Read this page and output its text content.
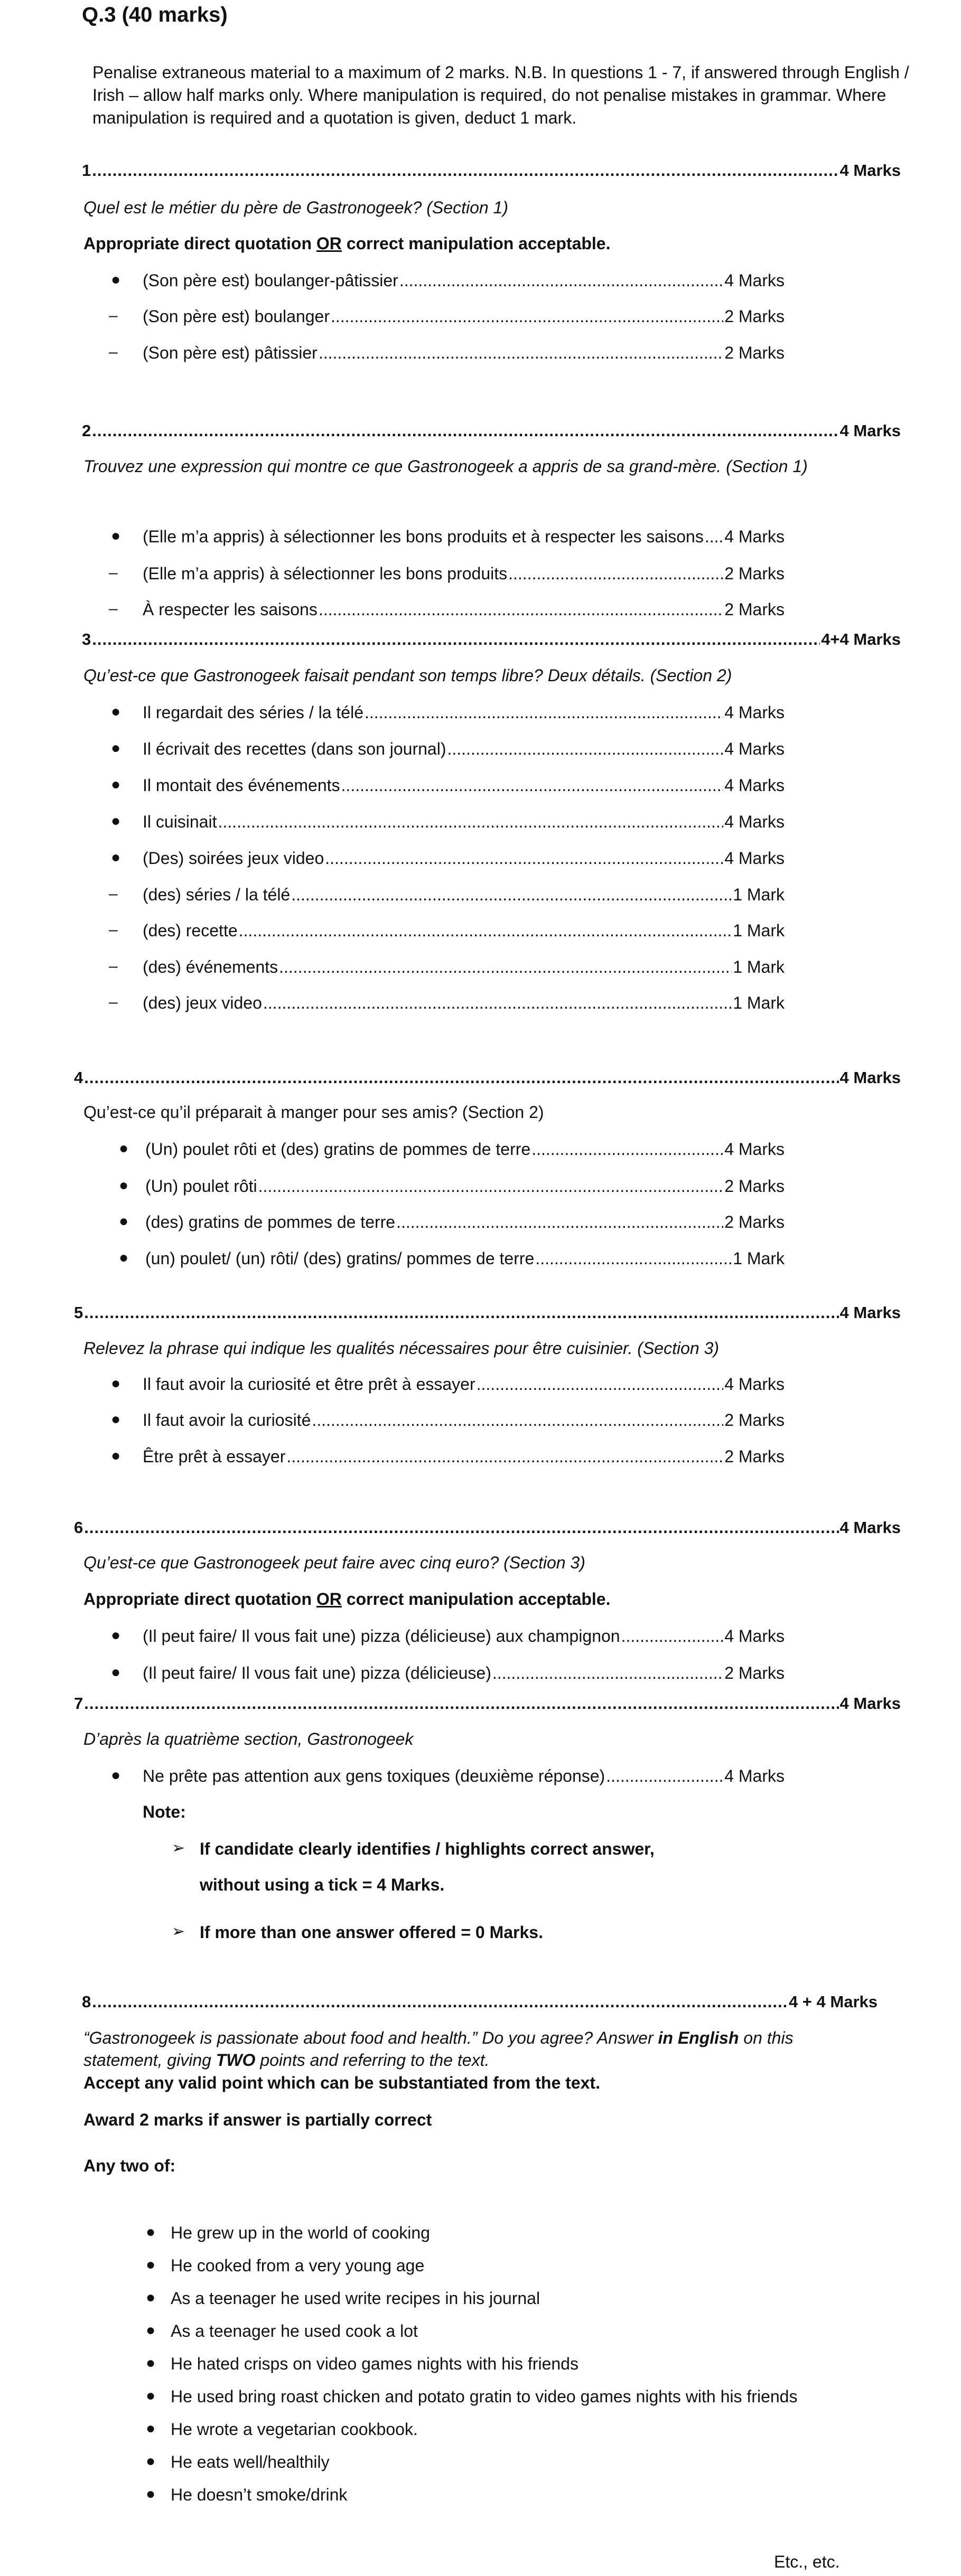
Q.3 (40 marks)
Penalise extraneous material to a maximum of 2 marks. N.B. In questions 1 - 7, if answered through English / Irish – allow half marks only. Where manipulation is required, do not penalise mistakes in grammar. Where manipulation is required and a quotation is given, deduct 1 mark.
1 .....	4 Marks
Quel est le métier du père de Gastronogeek? (Section 1)
Appropriate direct quotation OR correct manipulation acceptable.
● (Son père est) boulanger-pâtissier .....	4 Marks
– (Son père est) boulanger .....	2 Marks
– (Son père est) pâtissier .....	2 Marks
2 .....	4 Marks
Trouvez une expression qui montre ce que Gastronogeek a appris de sa grand-mère. (Section 1)
● (Elle m’a appris) à sélectionner les bons produits et à respecter les saisons ..... 4 Marks
– (Elle m’a appris) à sélectionner les bons produits .....	2 Marks
– À respecter les saisons .....	2 Marks
3 .....	4+4 Marks
Qu’est-ce que Gastronogeek faisait pendant son temps libre? Deux détails. (Section 2)
● Il regardait des séries / la télé .....	4 Marks
● Il écrivait des recettes (dans son journal) .....	4 Marks
● Il montait des événements .....	4 Marks
● Il cuisinait .....	4 Marks
● (Des) soirées jeux video .....	4 Marks
– (des) séries / la télé .....	1 Mark
– (des) recette .....	1 Mark
– (des) événements .....	1 Mark
– (des) jeux video .....	1 Mark
4 .....	4 Marks
Qu’est-ce qu’il préparait à manger pour ses amis? (Section 2)
● (Un) poulet rôti et (des) gratins de pommes de terre .....	4 Marks
● (Un) poulet rôti .....	2 Marks
● (des) gratins de pommes de terre .....	2 Marks
● (un) poulet/ (un) rôti/ (des) gratins/ pommes de terre .....	1 Mark
5 .....	4 Marks
Relevez la phrase qui indique les qualités nécessaires pour être cuisinier. (Section 3)
● Il faut avoir la curiosité et être prêt à essayer .....	4 Marks
● Il faut avoir la curiosité .....	2 Marks
● Être prêt à essayer .....	2 Marks
6 .....	4 Marks
Qu’est-ce que Gastronogeek peut faire avec cinq euro? (Section 3)
Appropriate direct quotation OR correct manipulation acceptable.
● (Il peut faire/ Il vous fait une) pizza (délicieuse) aux champignon .....	4 Marks
● (Il peut faire/ Il vous fait une) pizza (délicieuse) .....	2 Marks
7 .....	4 Marks
D’après la quatrième section, Gastronogeek
● Ne prête pas attention aux gens toxiques (deuxième réponse) .....	4 Marks
Note:
➢ If candidate clearly identifies / highlights correct answer,
without using a tick = 4 Marks.
➢ If more than one answer offered = 0 Marks.
8 .....	4 + 4 Marks
“Gastronogeek is passionate about food and health.” Do you agree? Answer in English on this
statement, giving TWO points and referring to the text.
Accept any valid point which can be substantiated from the text.
Award 2 marks if answer is partially correct
Any two of:
● He grew up in the world of cooking
● He cooked from a very young age
● As a teenager he used write recipes in his journal
● As a teenager he used cook a lot
● He hated crisps on video games nights with his friends
● He used bring roast chicken and potato gratin to video games nights with his friends
● He wrote a vegetarian cookbook.
● He eats well/healthily
● He doesn’t smoke/drink
Etc., etc.
